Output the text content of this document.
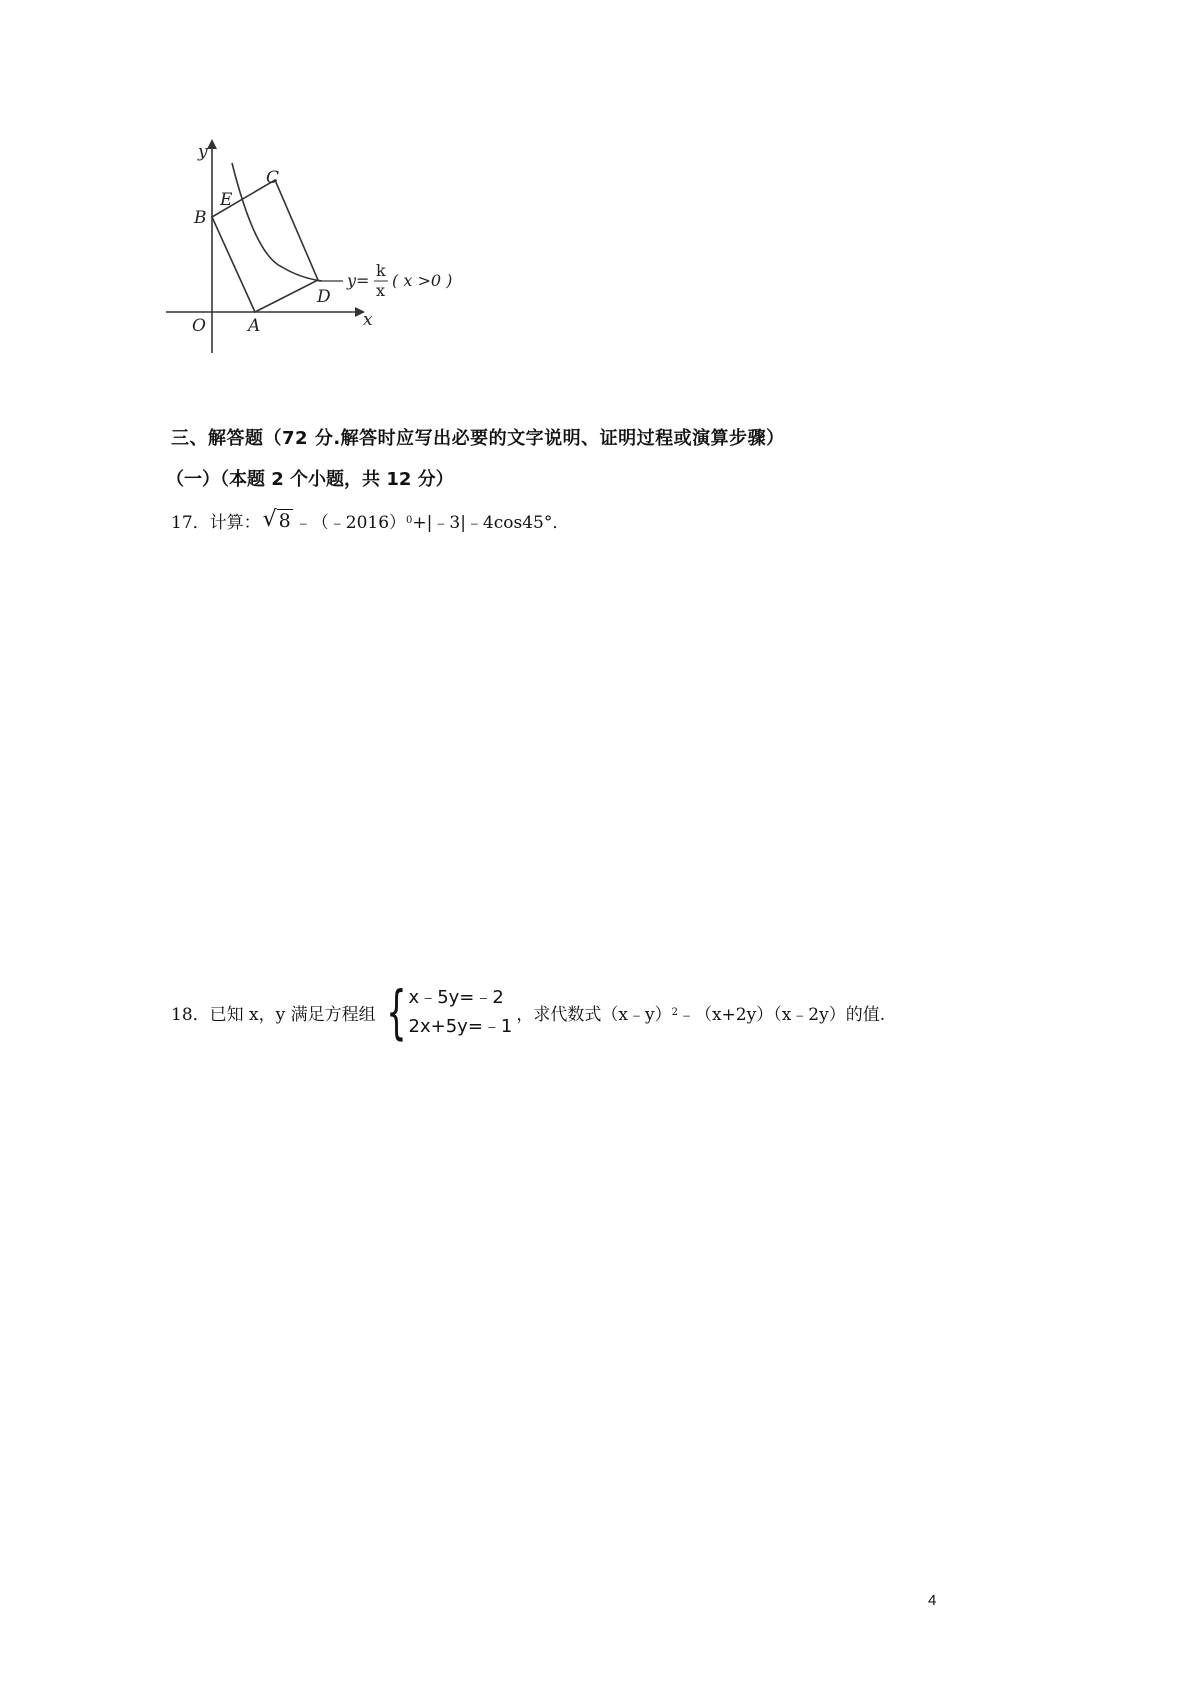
y
x
O A
B
C
D
E
y=
k
x
( x >0 )
三、解答题（72 分.解答时应写出必要的文字说明、证明过程或演算步骤）
（一）（本题 2 个小题，共 12 分）
17．计算： √ 8 ﹣（﹣2016） 0 +|﹣3|﹣4cos45°．
18．已知 x，y 满足方程组 { x﹣5y=﹣2
2x+5y=﹣1
，求代数式（x﹣y） 2 ﹣（x+2y）（x﹣2y）的值.
4
